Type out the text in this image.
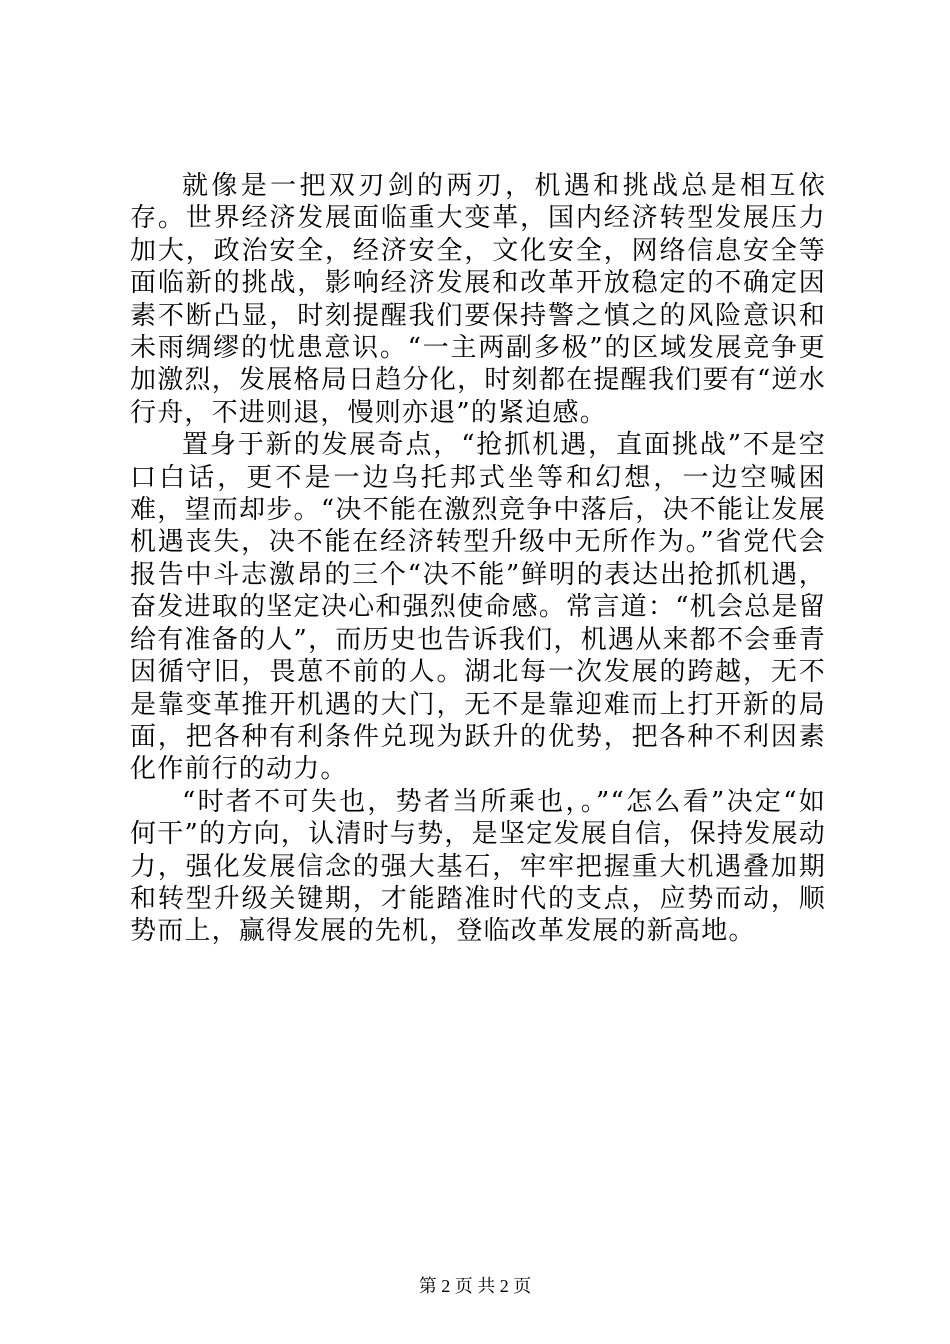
就像是一把双刃剑的两刃，机遇和挑战总是相互依存。世界经济发展面临重大变革，国内经济转型发展压力加大，政治安全，经济安全，文化安全，网络信息安全等面临新的挑战，影响经济发展和改革开放稳定的不确定因素不断凸显，时刻提醒我们要保持警之慎之的风险意识和未雨绸缪的忧患意识。“一主两副多极”的区域发展竞争更加激烈，发展格局日趋分化，时刻都在提醒我们要有“逆水行舟，不进则退，慢则亦退”的紧迫感。

置身于新的发展奇点，“抢抓机遇，直面挑战”不是空口白话，更不是一边乌托邦式坐等和幻想，一边空喊困难，望而却步。“决不能在激烈竞争中落后，决不能让发展机遇丧失，决不能在经济转型升级中无所作为。”省党代会报告中斗志激昂的三个“决不能”鲜明的表达出抢抓机遇，奋发进取的坚定决心和强烈使命感。常言道：“机会总是留给有准备的人”，而历史也告诉我们，机遇从来都不会垂青因循守旧，畏葸不前的人。湖北每一次发展的跨越，无不是靠变革推开机遇的大门，无不是靠迎难而上打开新的局面，把各种有利条件兑现为跃升的优势，把各种不利因素化作前行的动力。

“时者不可失也，势者当所乘也，。”“怎么看”决定“如何干”的方向，认清时与势，是坚定发展自信，保持发展动力，强化发展信念的强大基石，牢牢把握重大机遇叠加期和转型升级关键期，才能踏准时代的支点，应势而动，顺势而上，赢得发展的先机，登临改革发展的新高地。

第 2 页 共 2 页
